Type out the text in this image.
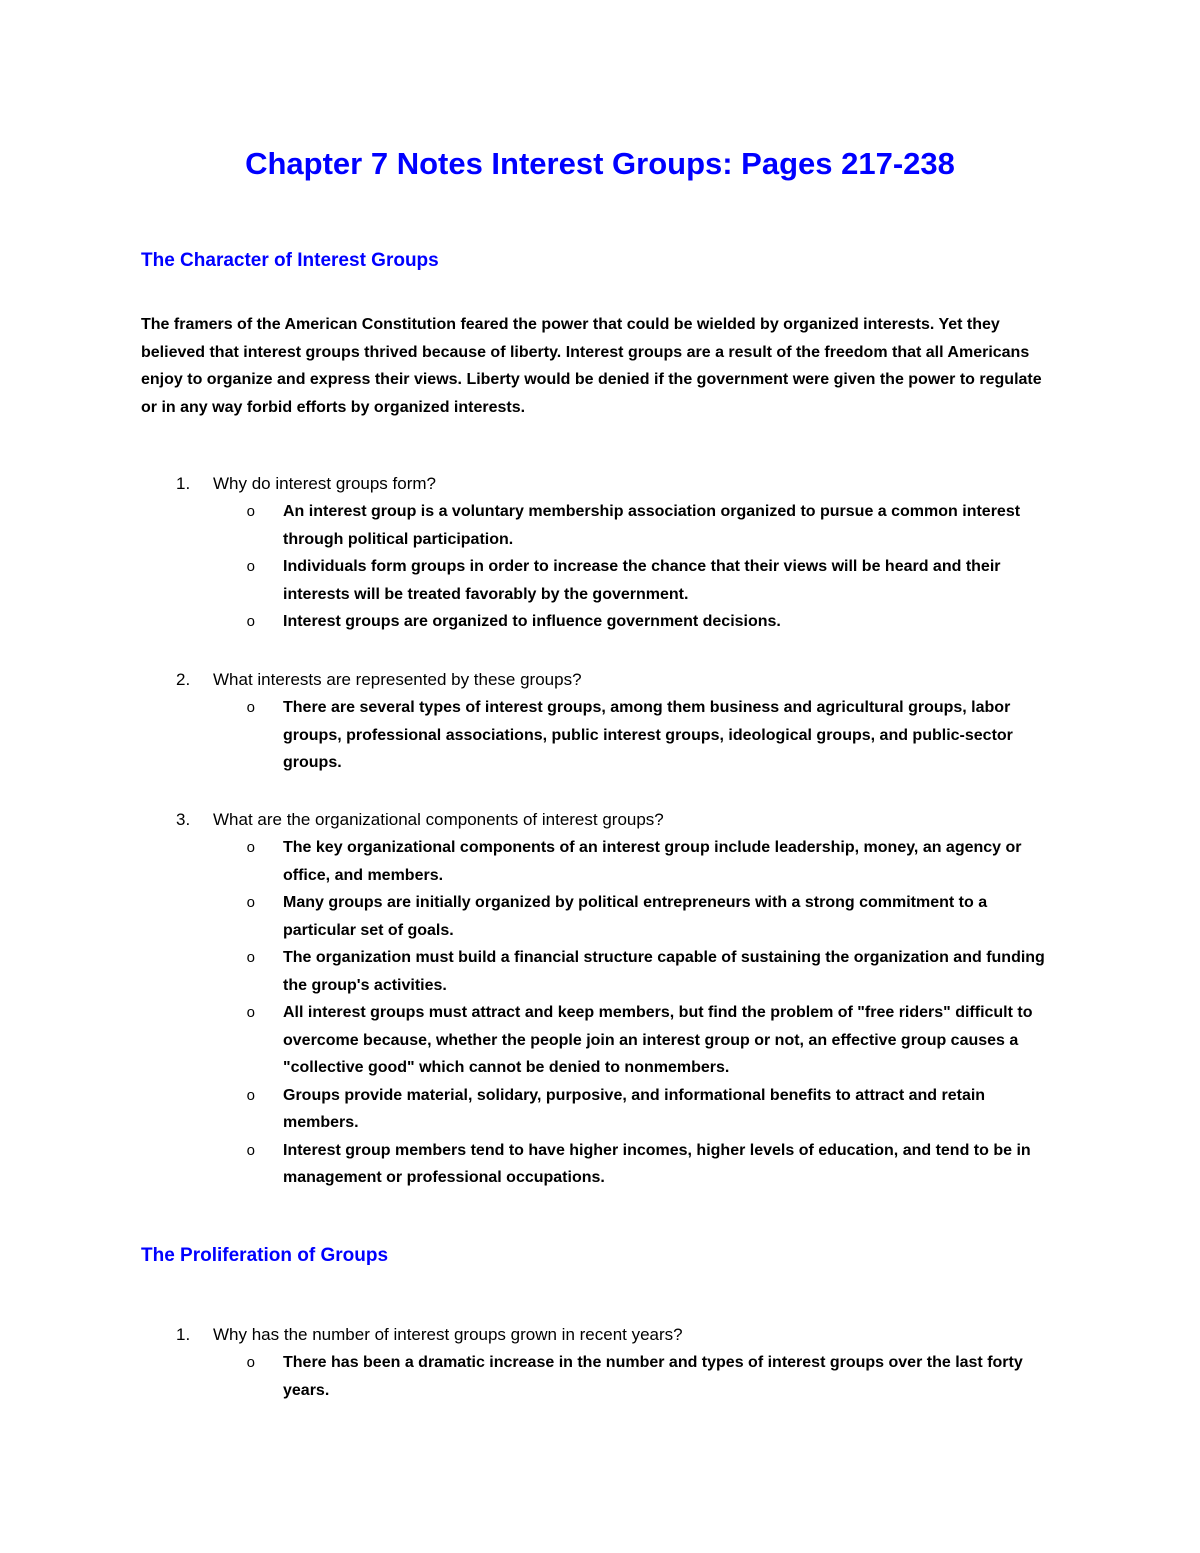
Chapter 7 Notes Interest Groups: Pages 217-238
The Character of Interest Groups

The framers of the American Constitution feared the power that could be wielded by organized interests. Yet they believed that interest groups thrived because of liberty. Interest groups are a result of the freedom that all Americans enjoy to organize and express their views. Liberty would be denied if the government were given the power to regulate or in any way forbid efforts by organized interests.

1.	Why do interest groups form?
o	An interest group is a voluntary membership association organized to pursue a common interest through political participation.
o	Individuals form groups in order to increase the chance that their views will be heard and their interests will be treated favorably by the government.
o	Interest groups are organized to influence government decisions.
2.	What interests are represented by these groups?
o	There are several types of interest groups, among them business and agricultural groups, labor groups, professional associations, public interest groups, ideological groups, and public-sector groups.
3.	What are the organizational components of interest groups?
o	The key organizational components of an interest group include leadership, money, an agency or office, and members.
o	Many groups are initially organized by political entrepreneurs with a strong commitment to a particular set of goals.
o	The organization must build a financial structure capable of sustaining the organization and funding the group's activities.
o	All interest groups must attract and keep members, but find the problem of "free riders" difficult to overcome because, whether the people join an interest group or not, an effective group causes a "collective good" which cannot be denied to nonmembers.
o	Groups provide material, solidary, purposive, and informational benefits to attract and retain members.
o	Interest group members tend to have higher incomes, higher levels of education, and tend to be in management or professional occupations.
The Proliferation of Groups
1.	Why has the number of interest groups grown in recent years?
o	There has been a dramatic increase in the number and types of interest groups over the last forty years.
